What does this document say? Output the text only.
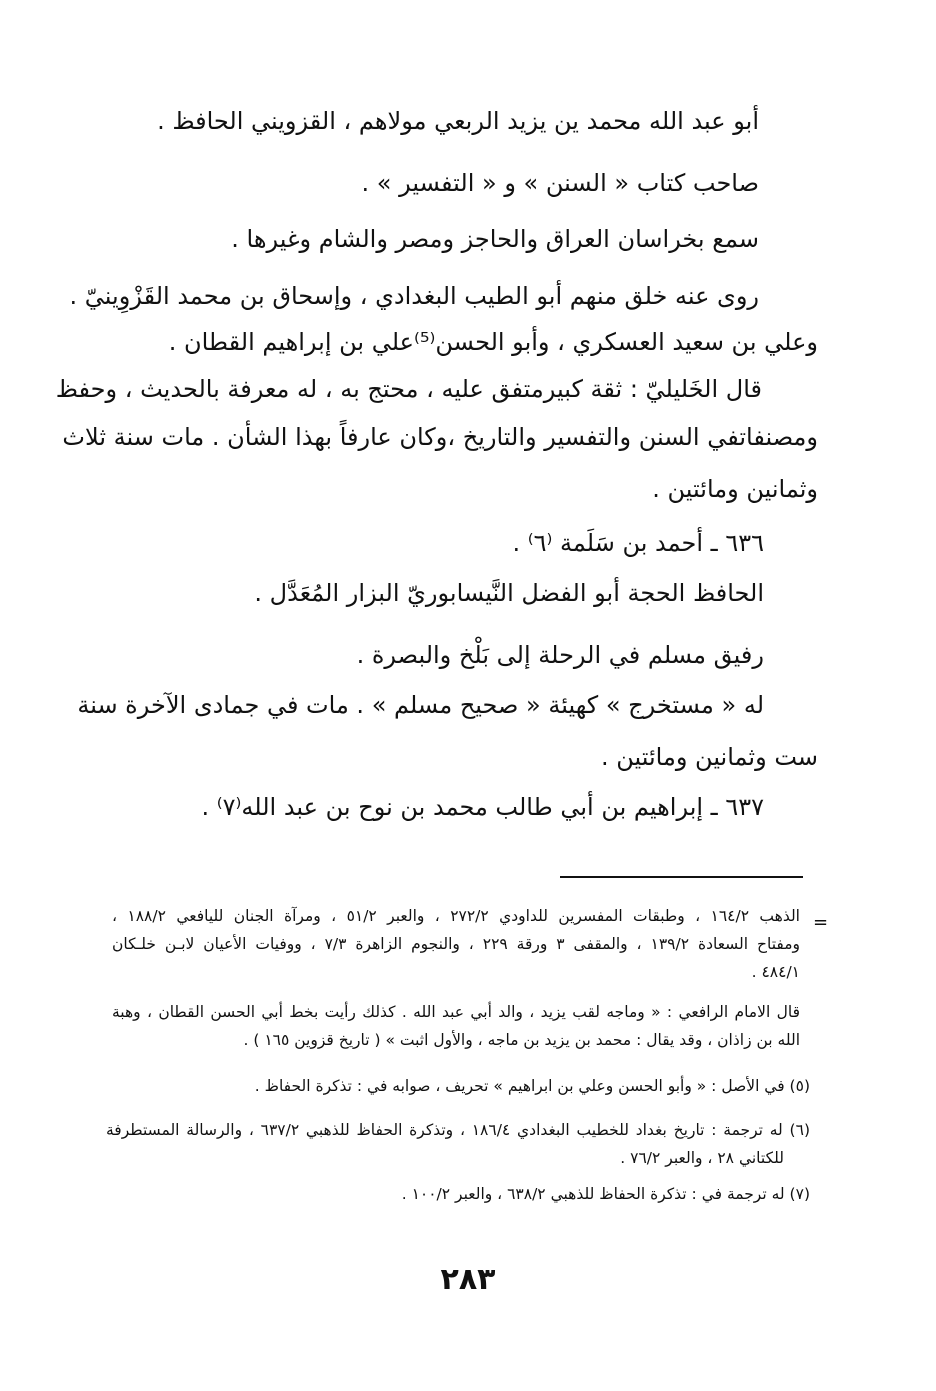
أبو عبد الله محمد ين يزيد الربعي مولاهم ، القزويني الحافظ .
صاحب كتاب « السنن » و « التفسير » .
سمع بخراسان العراق والحاجز ومصر والشام وغيرها .
روى عنه خلق منهم أبو الطيب البغدادي ، وإسحاق بن محمد القَزْوِينيّ .
وعلي بن سعيد العسكري ، وأبو الحسن⁽⁵⁾علي بن إبراهيم القطان .
قال الخَليليّ : ثقة كبيرمتفق عليه ، محتج به ، له معرفة بالحديث ، وحفظ
ومصنفاتفي السنن والتفسير والتاريخ ،وكان عارفاً بهذا الشأن . مات سنة ثلاث
وثمانين ومائتين .
٦٣٦ ـ أحمد بن سَلَمة ⁽٦⁾ .
الحافظ الحجة أبو الفضل النَّيسابوريّ البزار المُعَدَّل .
رفيق مسلم في الرحلة إلى بَلْخ والبصرة .
له « مستخرج » كهيئة « صحيح مسلم » . مات في جمادى الآخرة سنة
ست وثمانين ومائتين .
٦٣٧ ـ إبراهيم بن أبي طالب محمد بن نوح بن عبد الله⁽٧⁾ .
=
الذهب ١٦٤/٢ ، وطبقات المفسرين للداودي ٢٧٢/٢ ، والعبر ٥١/٢ ، ومرآة الجنان لليافعي ١٨٨/٢ ،
ومفتاح السعادة ١٣٩/٢ ، والمقفى ٣ ورقة ٢٢٩ ، والنجوم الزاهرة ٧/٣ ، ووفيات الأعيان لابـن خلـكان
٤٨٤/١ .
قال الامام الرافعي : « وماجه لقب يزيد ، والد أبي عبد الله . كذلك رأيت بخط أبي الحسن القطان ، وهبة
الله بن زاذان ، وقد يقال : محمد بن يزيد بن ماجه ، والأول اثبت » ( تاريخ قزوين ١٦٥ ) .
(٥) في الأصل : « وأبو الحسن وعلي بن ابراهيم » تحريف ، صوابه في : تذكرة الحفاظ .
(٦) له ترجمة : تاريخ بغداد للخطيب البغدادي ١٨٦/٤ ، وتذكرة الحفاظ للذهبي ٦٣٧/٢ ، والرسالة المستطرفة
للكتاني ٢٨ ، والعبر ٧٦/٢ .
(٧) له ترجمة في : تذكرة الحفاظ للذهبي ٦٣٨/٢ ، والعبر ١٠٠/٢ .
٢٨٣
